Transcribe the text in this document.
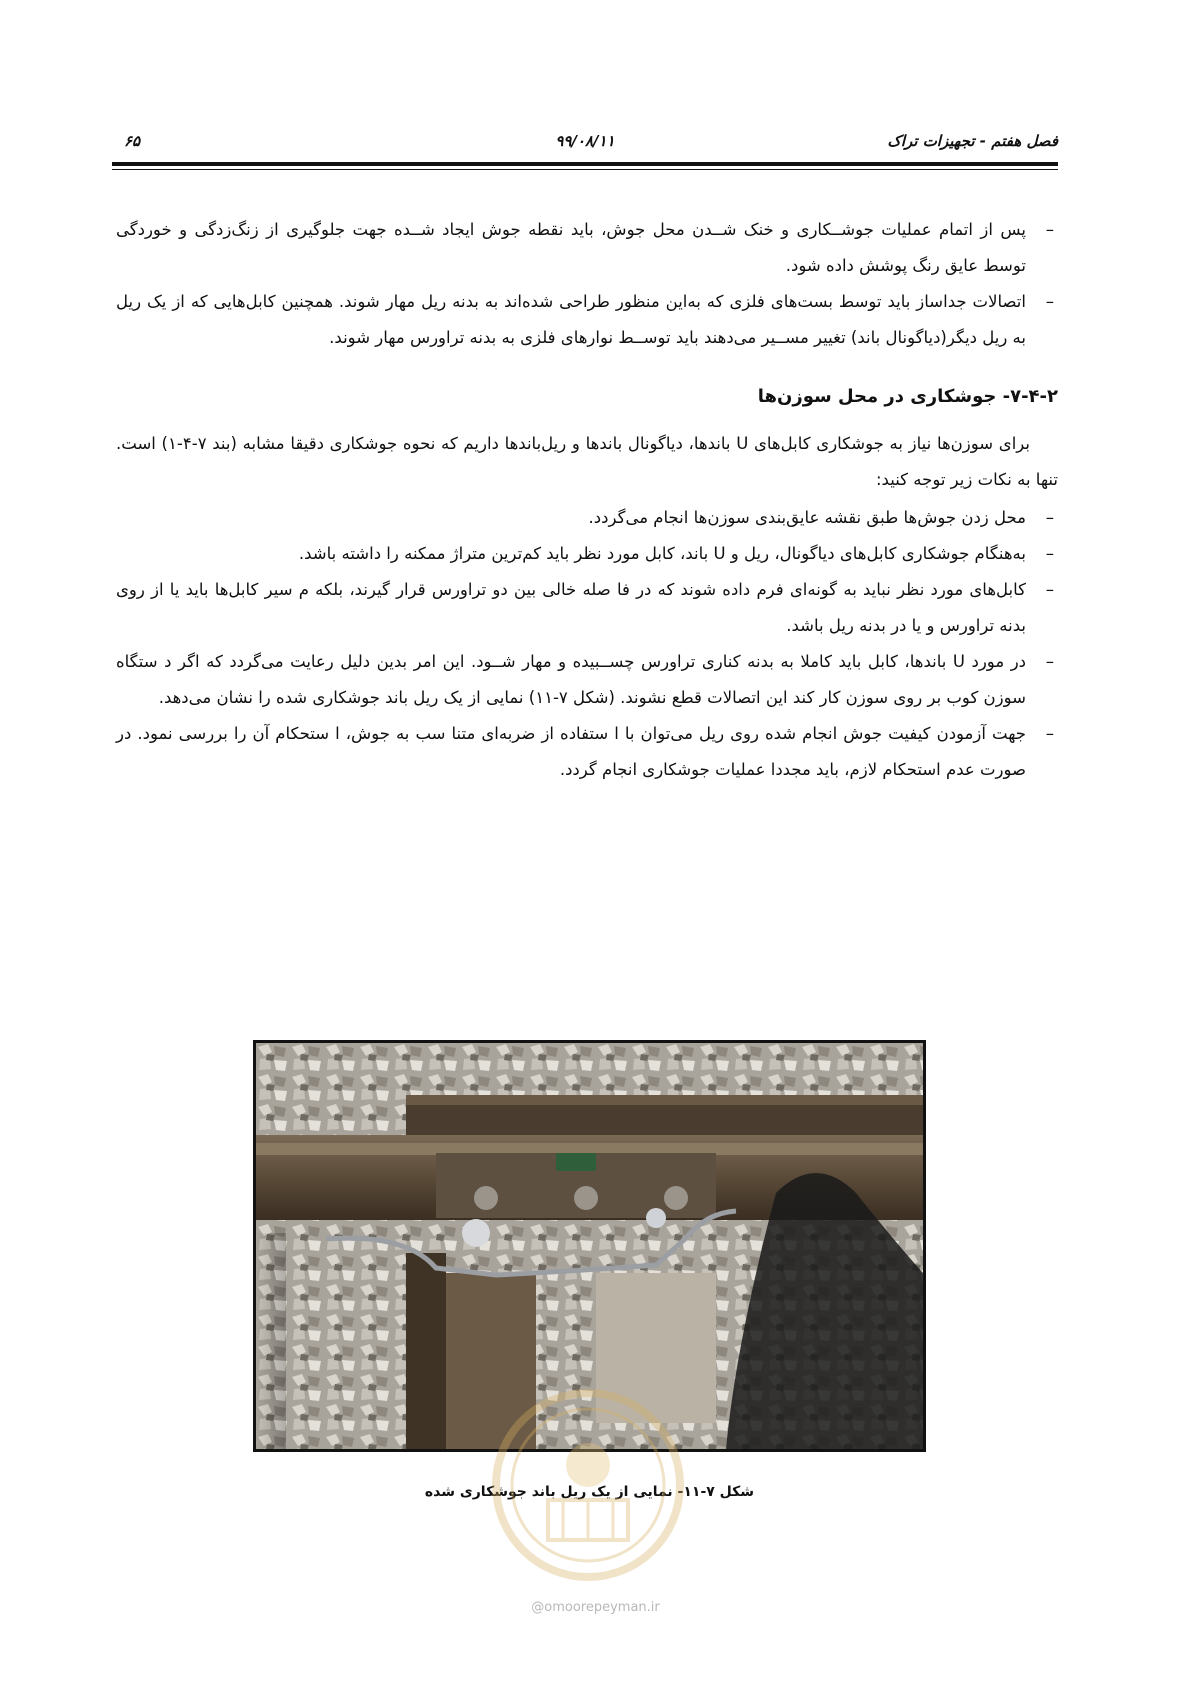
فصل هفتم - تجهیزات تراک
۹۹/۰۸/۱۱
۶۵
–
پس از اتمام عملیات جوشــکاری و خنک شــدن محل جوش، باید نقطه جوش ایجاد شــده جهت جلوگیری از زنگ‌زدگی و خوردگی توسط عایق رنگ پوشش داده شود.
–
اتصالات جداساز باید توسط بست‌های فلزی که به‌این منظور طراحی شده‌اند به بدنه ریل مهار شوند. همچنین کابل‌هایی که از یک ریل به ریل دیگر(دیاگونال باند) تغییر مســیر می‌دهند باید توســط نوارهای فلزی به بدنه تراورس مهار شوند.
۷-۴-۲- جوشکاری در محل سوزن‌ها

برای سوزن‌ها نیاز به جوشکاری کابل‌های U باندها، دیاگونال باندها و ریل‌باندها داریم که نحوه جوشکاری دقیقا مشابه (بند ۷-۴-۱) است. تنها به نکات زیر توجه کنید:

–
محل زدن جوش‌ها طبق نقشه عایق‌بندی سوزن‌ها انجام می‌گردد.
–
به‌هنگام جوشکاری کابل‌های دیاگونال، ریل و U باند، کابل مورد نظر باید کم‌ترین متراژ ممکنه را داشته باشد.
–
کابل‌های مورد نظر نباید به گونه‌ای فرم داده شوند که در فا صله خالی بین دو تراورس قرار گیرند، بلکه م سیر کابل‌ها باید یا از روی بدنه تراورس و یا در بدنه ریل باشد.
–
در مورد U باندها، کابل باید کاملا به بدنه کناری تراورس چســبیده و مهار شــود. این امر بدین دلیل رعایت می‌گردد که اگر د ستگاه سوزن کوب بر روی سوزن کار کند این اتصالات قطع نشوند. (شکل ۷-۱۱) نمایی از یک ریل باند جوشکاری شده را نشان می‌دهد.
–
جهت آزمودن کیفیت جوش انجام شده روی ریل می‌توان با ا ستفاده از ضربه‌ای متنا سب به جوش، ا ستحکام آن را بررسی نمود. در صورت عدم استحکام لازم، باید مجددا عملیات جوشکاری انجام گردد.
شکل ۷-۱۱- نمایی از یک ریل باند جوشکاری شده
@omoorepeyman.ir
